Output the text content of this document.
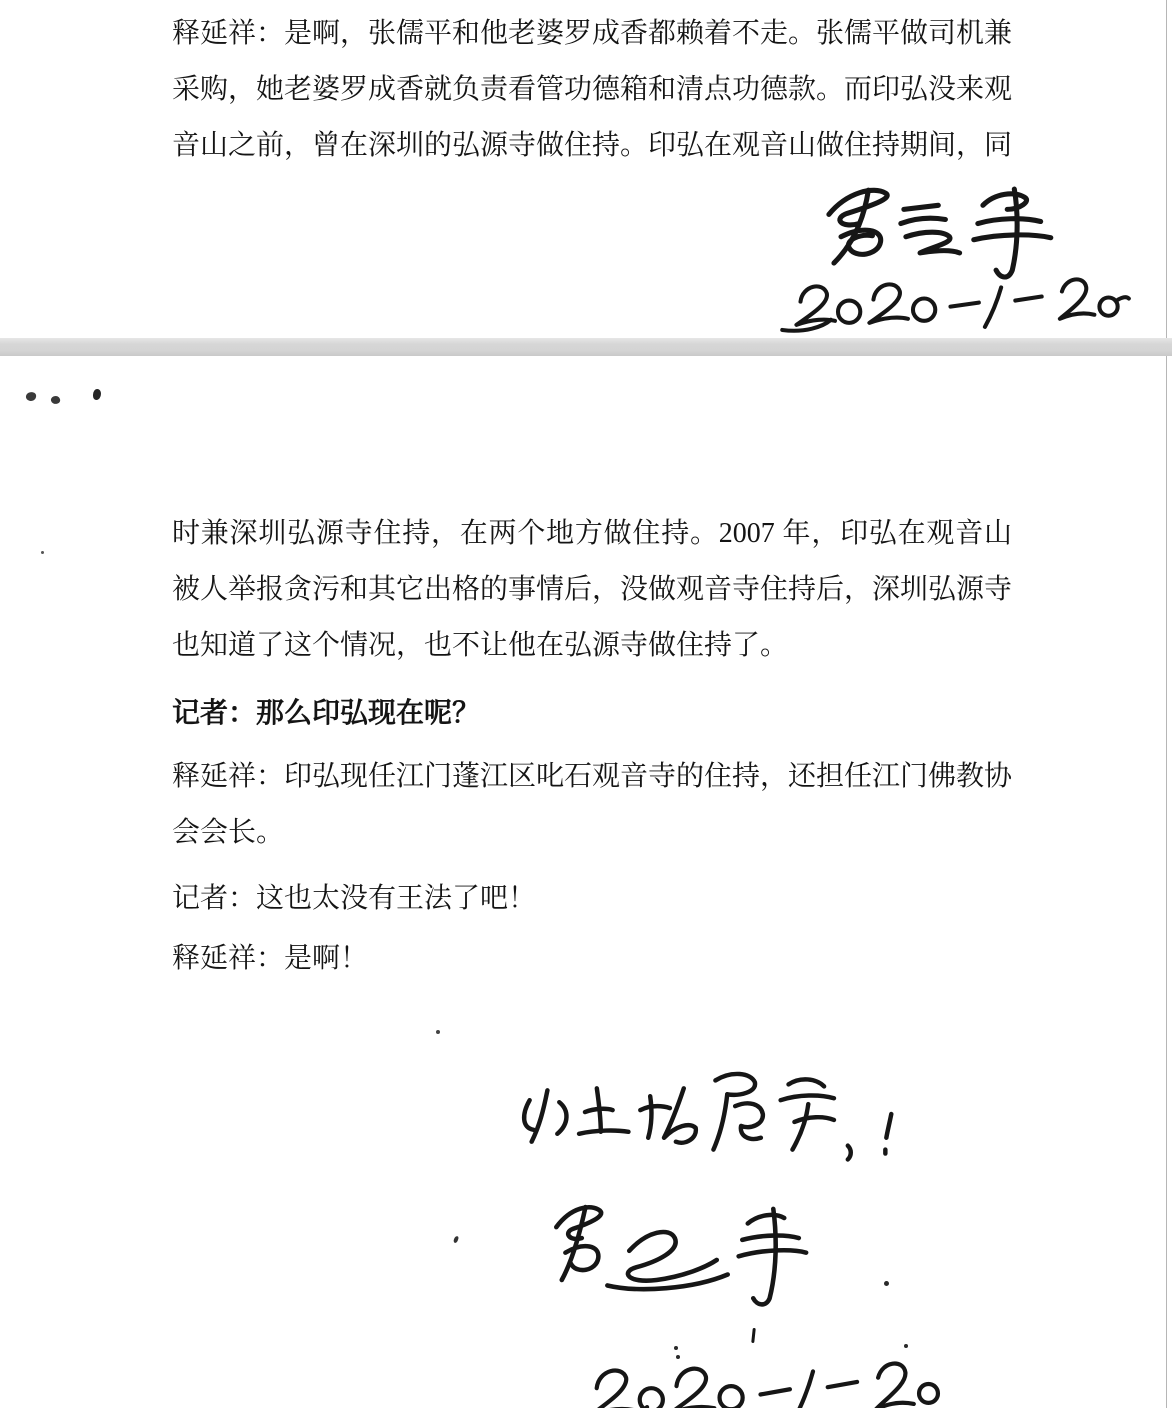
释延祥：是啊，张儒平和他老婆罗成香都赖着不走。张儒平做司机兼
采购，她老婆罗成香就负责看管功德箱和清点功德款。而印弘没来观
音山之前，曾在深圳的弘源寺做住持。印弘在观音山做住持期间，同
时兼深圳弘源寺住持，在两个地方做住持。2007 年，印弘在观音山
被人举报贪污和其它出格的事情后，没做观音寺住持后，深圳弘源寺
也知道了这个情况，也不让他在弘源寺做住持了。
记者：那么印弘现在呢？
释延祥：印弘现任江门蓬江区叱石观音寺的住持，还担任江门佛教协
会会长。
记者：这也太没有王法了吧！
释延祥：是啊！
